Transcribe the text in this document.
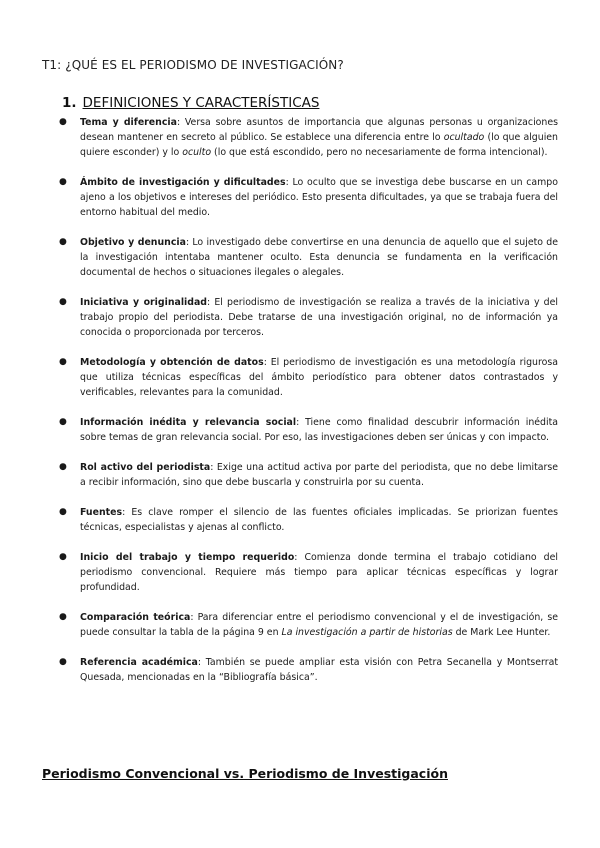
T1: ¿QUÉ ES EL PERIODISMO DE INVESTIGACIÓN?
1. DEFINICIONES Y CARACTERÍSTICAS
● Tema y diferencia: Versa sobre asuntos de importancia que algunas personas u organizaciones desean mantener en secreto al público. Se establece una diferencia entre lo ocultado (lo que alguien quiere esconder) y lo oculto (lo que está escondido, pero no necesariamente de forma intencional).
● Ámbito de investigación y dificultades: Lo oculto que se investiga debe buscarse en un campo ajeno a los objetivos e intereses del periódico. Esto presenta dificultades, ya que se trabaja fuera del entorno habitual del medio.
● Objetivo y denuncia: Lo investigado debe convertirse en una denuncia de aquello que el sujeto de la investigación intentaba mantener oculto. Esta denuncia se fundamenta en la verificación documental de hechos o situaciones ilegales o alegales.
● Iniciativa y originalidad: El periodismo de investigación se realiza a través de la iniciativa y del trabajo propio del periodista. Debe tratarse de una investigación original, no de información ya conocida o proporcionada por terceros.
● Metodología y obtención de datos: El periodismo de investigación es una metodología rigurosa que utiliza técnicas específicas del ámbito periodístico para obtener datos contrastados y verificables, relevantes para la comunidad.
● Información inédita y relevancia social: Tiene como finalidad descubrir información inédita sobre temas de gran relevancia social. Por eso, las investigaciones deben ser únicas y con impacto.
● Rol activo del periodista: Exige una actitud activa por parte del periodista, que no debe limitarse a recibir información, sino que debe buscarla y construirla por su cuenta.
● Fuentes: Es clave romper el silencio de las fuentes oficiales implicadas. Se priorizan fuentes técnicas, especialistas y ajenas al conflicto.
● Inicio del trabajo y tiempo requerido: Comienza donde termina el trabajo cotidiano del periodismo convencional. Requiere más tiempo para aplicar técnicas específicas y lograr profundidad.
● Comparación teórica: Para diferenciar entre el periodismo convencional y el de investigación, se puede consultar la tabla de la página 9 en La investigación a partir de historias de Mark Lee Hunter.
● Referencia académica: También se puede ampliar esta visión con Petra Secanella y Montserrat Quesada, mencionadas en la “Bibliografía básica”.
Periodismo Convencional vs. Periodismo de Investigación
